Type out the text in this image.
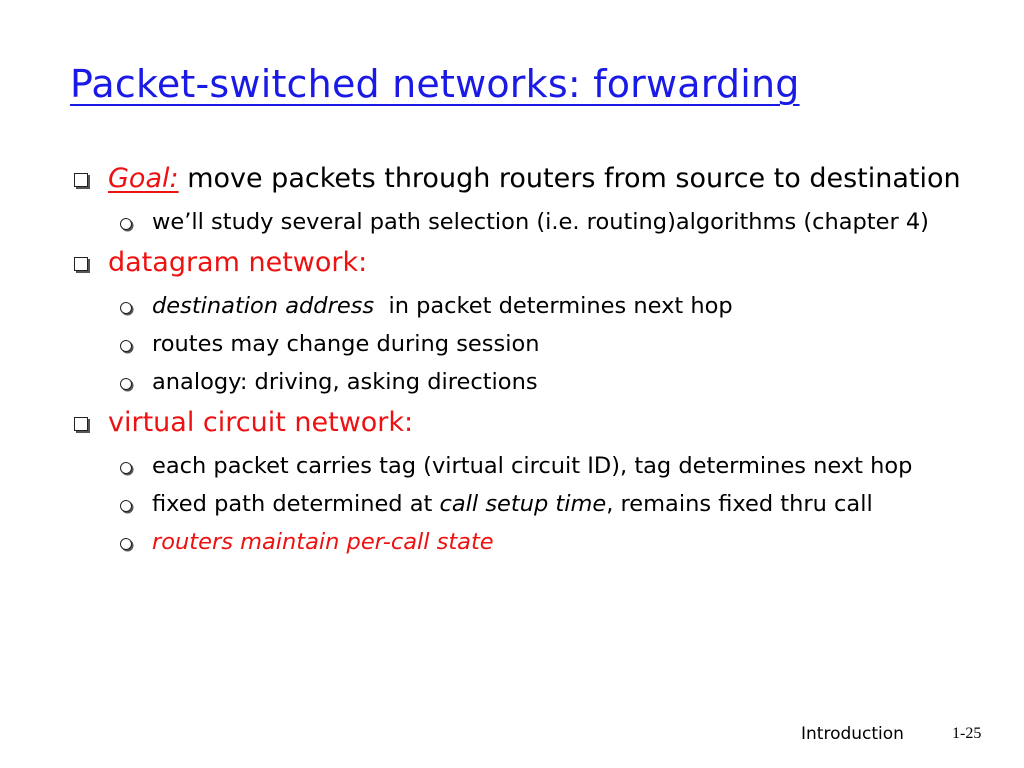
Packet-switched networks: forwarding
Goal: move packets through routers from source to destination
we’ll study several path selection (i.e. routing)algorithms (chapter 4)
datagram network:
destination address in packet determines next hop
routes may change during session
analogy: driving, asking directions
virtual circuit network:
each packet carries tag (virtual circuit ID), tag determines next hop
fixed path determined at call setup time, remains fixed thru call
routers maintain per-call state
Introduction	1-25
